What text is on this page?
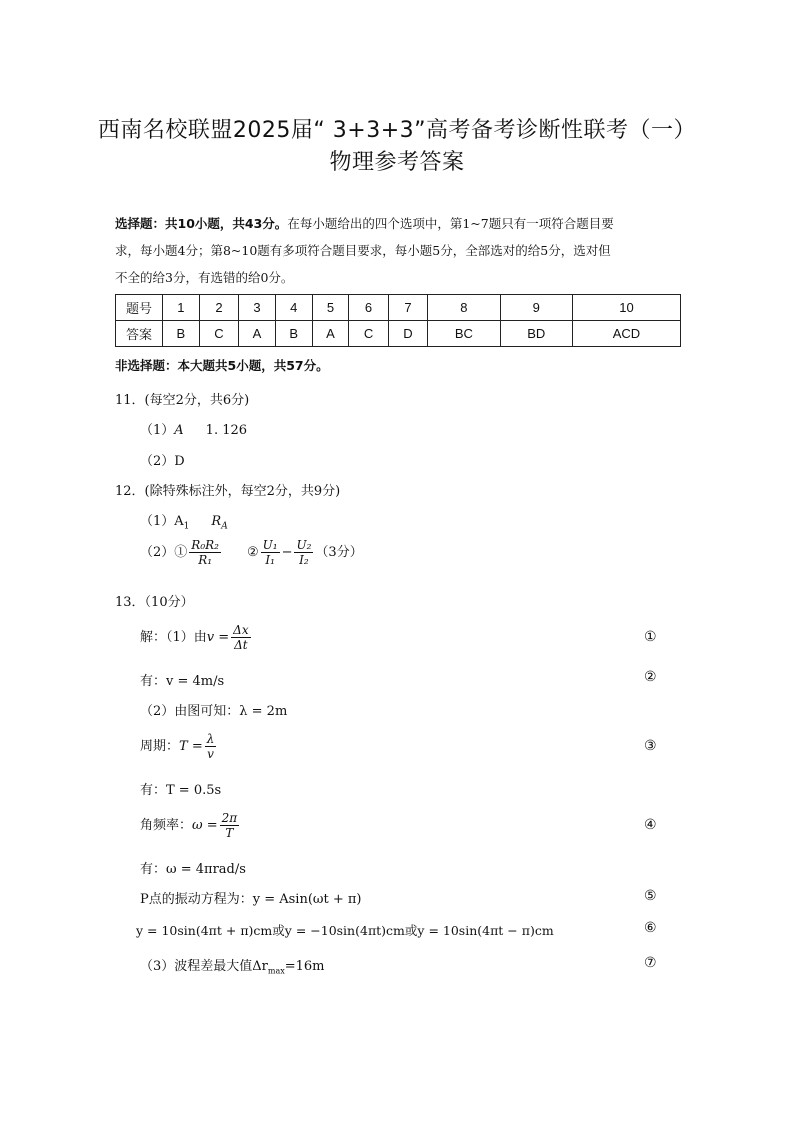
西南名校联盟2025届“ 3+3+3”高考备考诊断性联考（一）
物理参考答案
选择题：共10小题，共43分。在每小题给出的四个选项中，第1~7题只有一项符合题目要
求，每小题4分；第8~10题有多项符合题目要求，每小题5分，全部选对的给5分，选对但
不全的给3分，有选错的给0分。
题号	1	2	3	4	5	6	7	8	9	10
答案	B	C	A	B	A	C	D	BC	BD	ACD
非选择题：本大题共5小题，共57分。
11．(每空2分，共6分)
（1）A 1. 126
（2）D
12．(除特殊标注外，每空2分，共9分)
$(1)A_1$ $R_A$
（2）① $\frac{\text{R₀R₂}}{\text{R₁}}$ ② $\frac{\text{U₁}}{\text{I₁}} - \frac{\text{U₂}}{\text{I₂}} (3$分）
13．（10分）
解：（1）由$v = \frac{\Delta x}{\Delta t}$	①
有：v = 4m/s	②
（2）由图可知：λ = 2m
周期：$T = \frac{\lambda}{v}$	③
有：T = 0.5s
角频率：$\omega = \frac{2\pi}{T}$	④
有：ω = 4πrad/s
P点的振动方程为：y = Asin(ωt + π)	⑤
y = 10sin(4πt + π)cm或y = −10sin(4πt)cm或y = 10sin(4πt − π)cm	⑥
（3）波程差最大值$\Delta r_{max}=16m$	⑦
